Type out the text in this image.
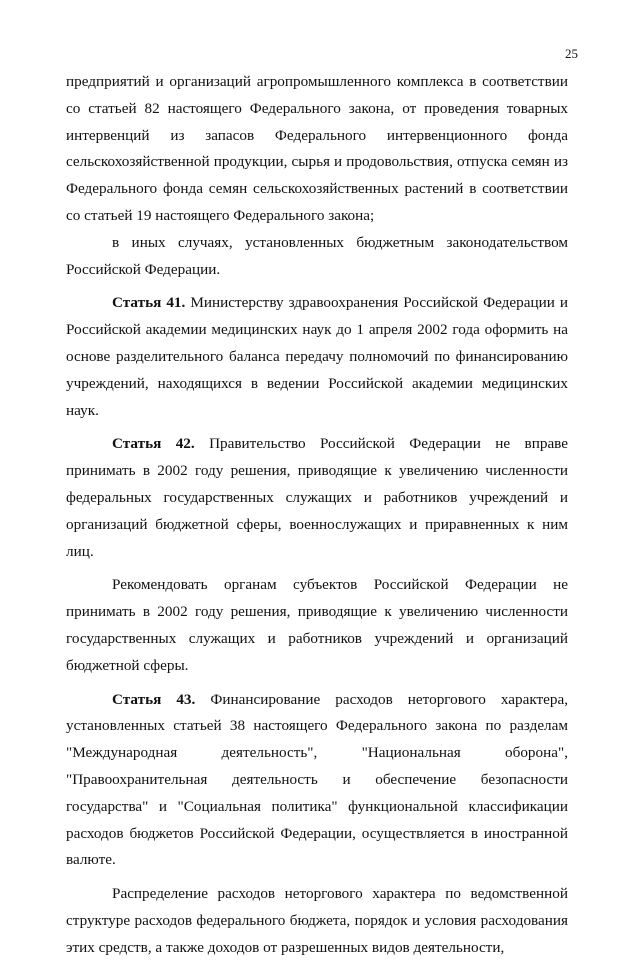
25

предприятий и организаций агропромышленного комплекса в соответствии со статьей 82 настоящего Федерального закона, от проведения товарных интервенций из запасов Федерального интервенционного фонда сельскохозяйственной продукции, сырья и продовольствия, отпуска семян из Федерального фонда семян сельскохозяйственных растений в соответствии со статьей 19 настоящего Федерального закона;

в иных случаях, установленных бюджетным законодательством Российской Федерации.

Статья 41. Министерству здравоохранения Российской Федерации и Российской академии медицинских наук до 1 апреля 2002 года оформить на основе разделительного баланса передачу полномочий по финансированию учреждений, находящихся в ведении Российской академии медицинских наук.

Статья 42. Правительство Российской Федерации не вправе принимать в 2002 году решения, приводящие к увеличению численности федеральных государственных служащих и работников учреждений и организаций бюджетной сферы, военнослужащих и приравненных к ним лиц.

Рекомендовать органам субъектов Российской Федерации не принимать в 2002 году решения, приводящие к увеличению численности государственных служащих и работников учреждений и организаций бюджетной сферы.

Статья 43. Финансирование расходов неторгового характера, установленных статьей 38 настоящего Федерального закона по разделам "Международная деятельность", "Национальная оборона", "Правоохранительная деятельность и обеспечение безопасности государства" и "Социальная политика" функциональной классификации расходов бюджетов Российской Федерации, осуществляется в иностранной валюте.

Распределение расходов неторгового характера по ведомственной структуре расходов федерального бюджета, порядок и условия расходования этих средств, а также доходов от разрешенных видов деятельности,
